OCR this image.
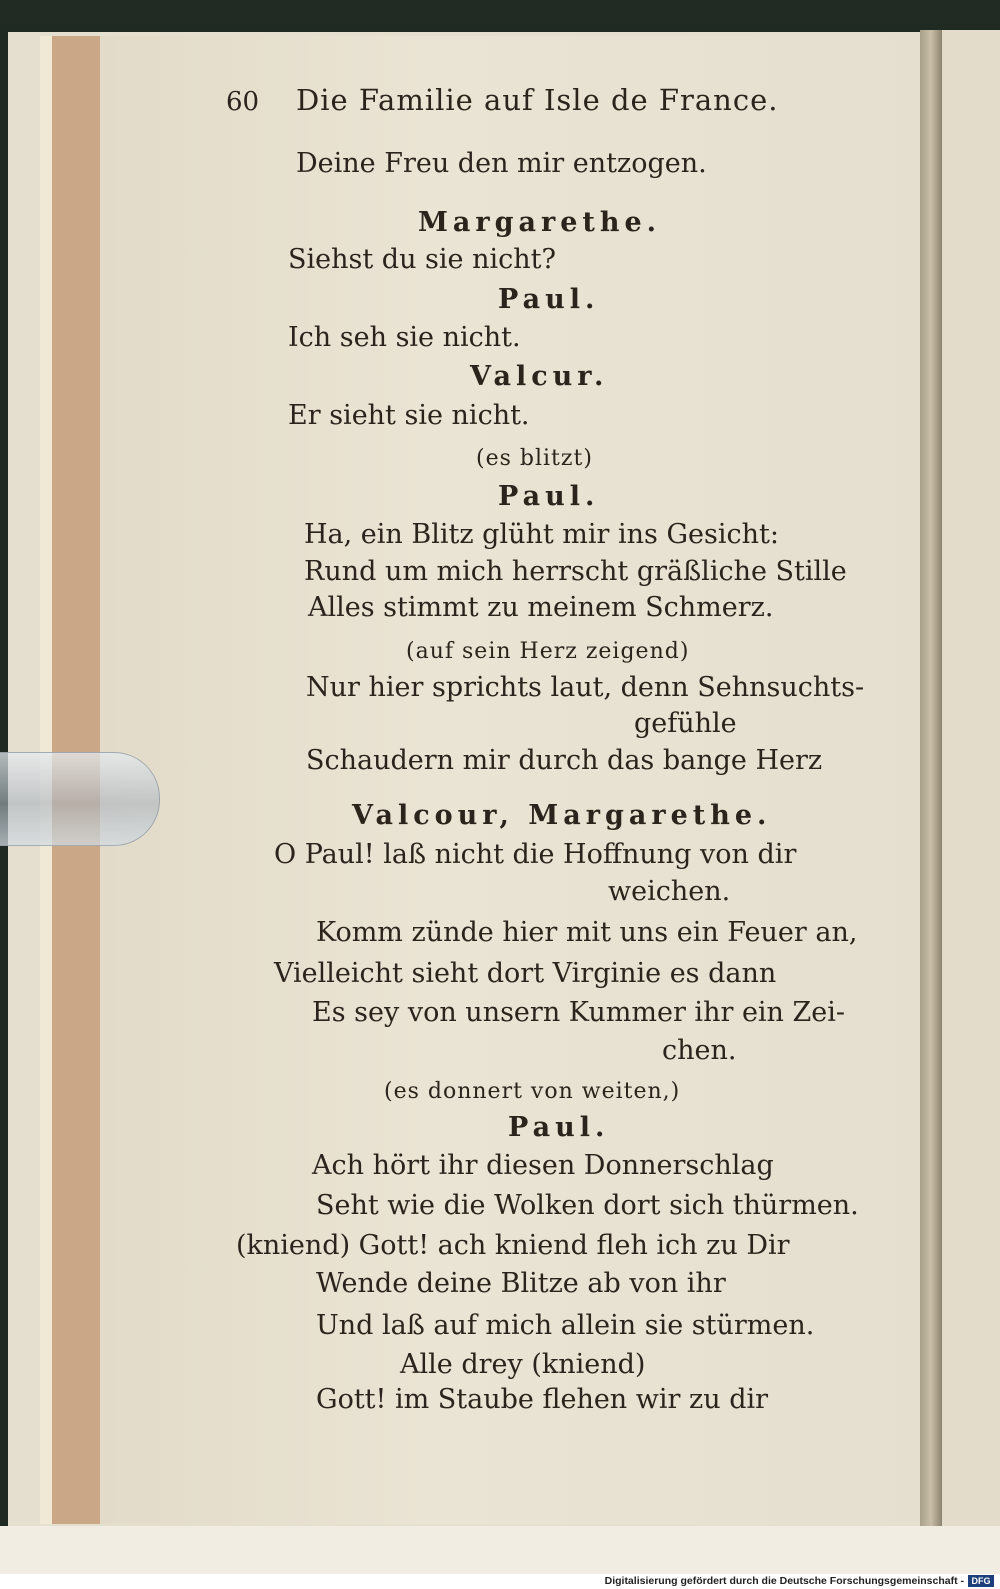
60 Die Familie auf Isle de France.
Deine Freu den mir entzogen.
Margarethe.
Siehst du sie nicht?
Paul.
Ich seh sie nicht.
Valcur.
Er sieht sie nicht.
(es blitzt)
Paul.
Ha, ein Blitz glüht mir ins Gesicht:
Rund um mich herrscht gräßliche Stille
Alles stimmt zu meinem Schmerz.
(auf sein Herz zeigend)
Nur hier sprichts laut, denn Sehnsuchts-
gefühle
Schaudern mir durch das bange Herz
Valcour, Margarethe.
O Paul! laß nicht die Hoffnung von dir
weichen.
Komm zünde hier mit uns ein Feuer an,
Vielleicht sieht dort Virginie es dann
Es sey von unsern Kummer ihr ein Zei-
chen.
(es donnert von weiten,)
Paul.
Ach hört ihr diesen Donnerschlag
Seht wie die Wolken dort sich thürmen.
(kniend) Gott! ach kniend fleh ich zu Dir
Wende deine Blitze ab von ihr
Und laß auf mich allein sie stürmen.
Alle drey (kniend)
Gott! im Staube flehen wir zu dir
Digitalisierung gefördert durch die Deutsche Forschungsgemeinschaft - DFG
